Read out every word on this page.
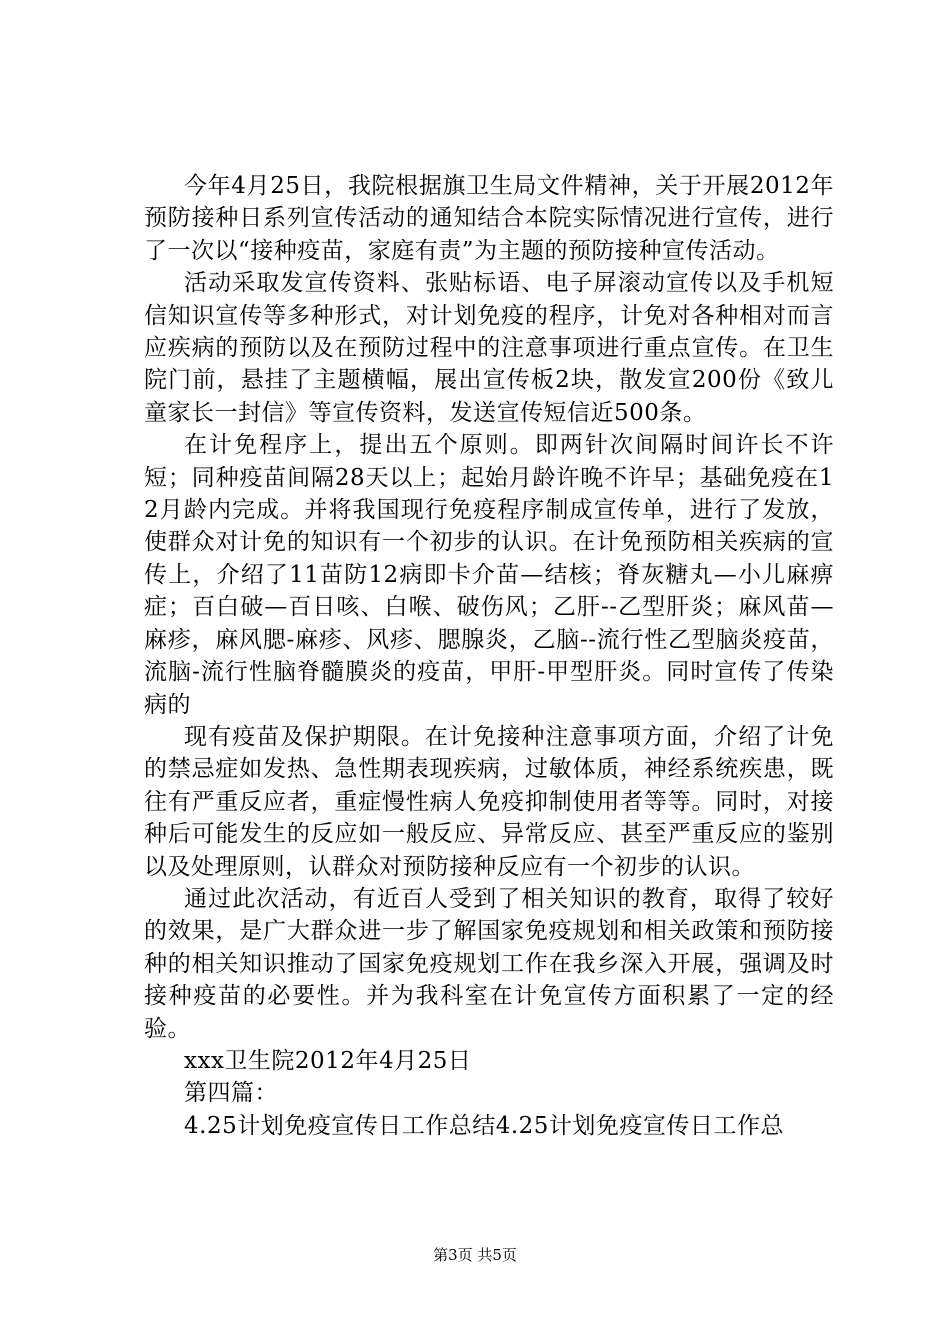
今年4月25日，我院根据旗卫生局文件精神，关于开展2012年预防接种日系列宣传活动的通知结合本院实际情况进行宣传，进行了一次以“接种疫苗，家庭有责”为主题的预防接种宣传活动。

活动采取发宣传资料、张贴标语、电子屏滚动宣传以及手机短信知识宣传等多种形式，对计划免疫的程序，计免对各种相对而言应疾病的预防以及在预防过程中的注意事项进行重点宣传。在卫生院门前，悬挂了主题横幅，展出宣传板2块，散发宣200份《致儿童家长一封信》等宣传资料，发送宣传短信近500条。

在计免程序上，提出五个原则。即两针次间隔时间许长不许短；同种疫苗间隔28天以上；起始月龄许晚不许早；基础免疫在12月龄内完成。并将我国现行免疫程序制成宣传单，进行了发放，使群众对计免的知识有一个初步的认识。在计免预防相关疾病的宣传上，介绍了11苗防12病即卡介苗—结核；脊灰糖丸—小儿麻痹症；百白破—百日咳、白喉、破伤风；乙肝--乙型肝炎；麻风苗—麻疹，麻风腮-麻疹、风疹、腮腺炎，乙脑--流行性乙型脑炎疫苗，流脑-流行性脑脊髓膜炎的疫苗，甲肝-甲型肝炎。同时宣传了传染病的

现有疫苗及保护期限。在计免接种注意事项方面，介绍了计免的禁忌症如发热、急性期表现疾病，过敏体质，神经系统疾患，既往有严重反应者，重症慢性病人免疫抑制使用者等等。同时，对接种后可能发生的反应如一般反应、异常反应、甚至严重反应的鉴别以及处理原则，认群众对预防接种反应有一个初步的认识。

通过此次活动，有近百人受到了相关知识的教育，取得了较好的效果，是广大群众进一步了解国家免疫规划和相关政策和预防接种的相关知识推动了国家免疫规划工作在我乡深入开展，强调及时接种疫苗的必要性。并为我科室在计免宣传方面积累了一定的经验。

xxx卫生院2012年4月25日

第四篇：

4.25计划免疫宣传日工作总结4.25计划免疫宣传日工作总

第3页 共5页
